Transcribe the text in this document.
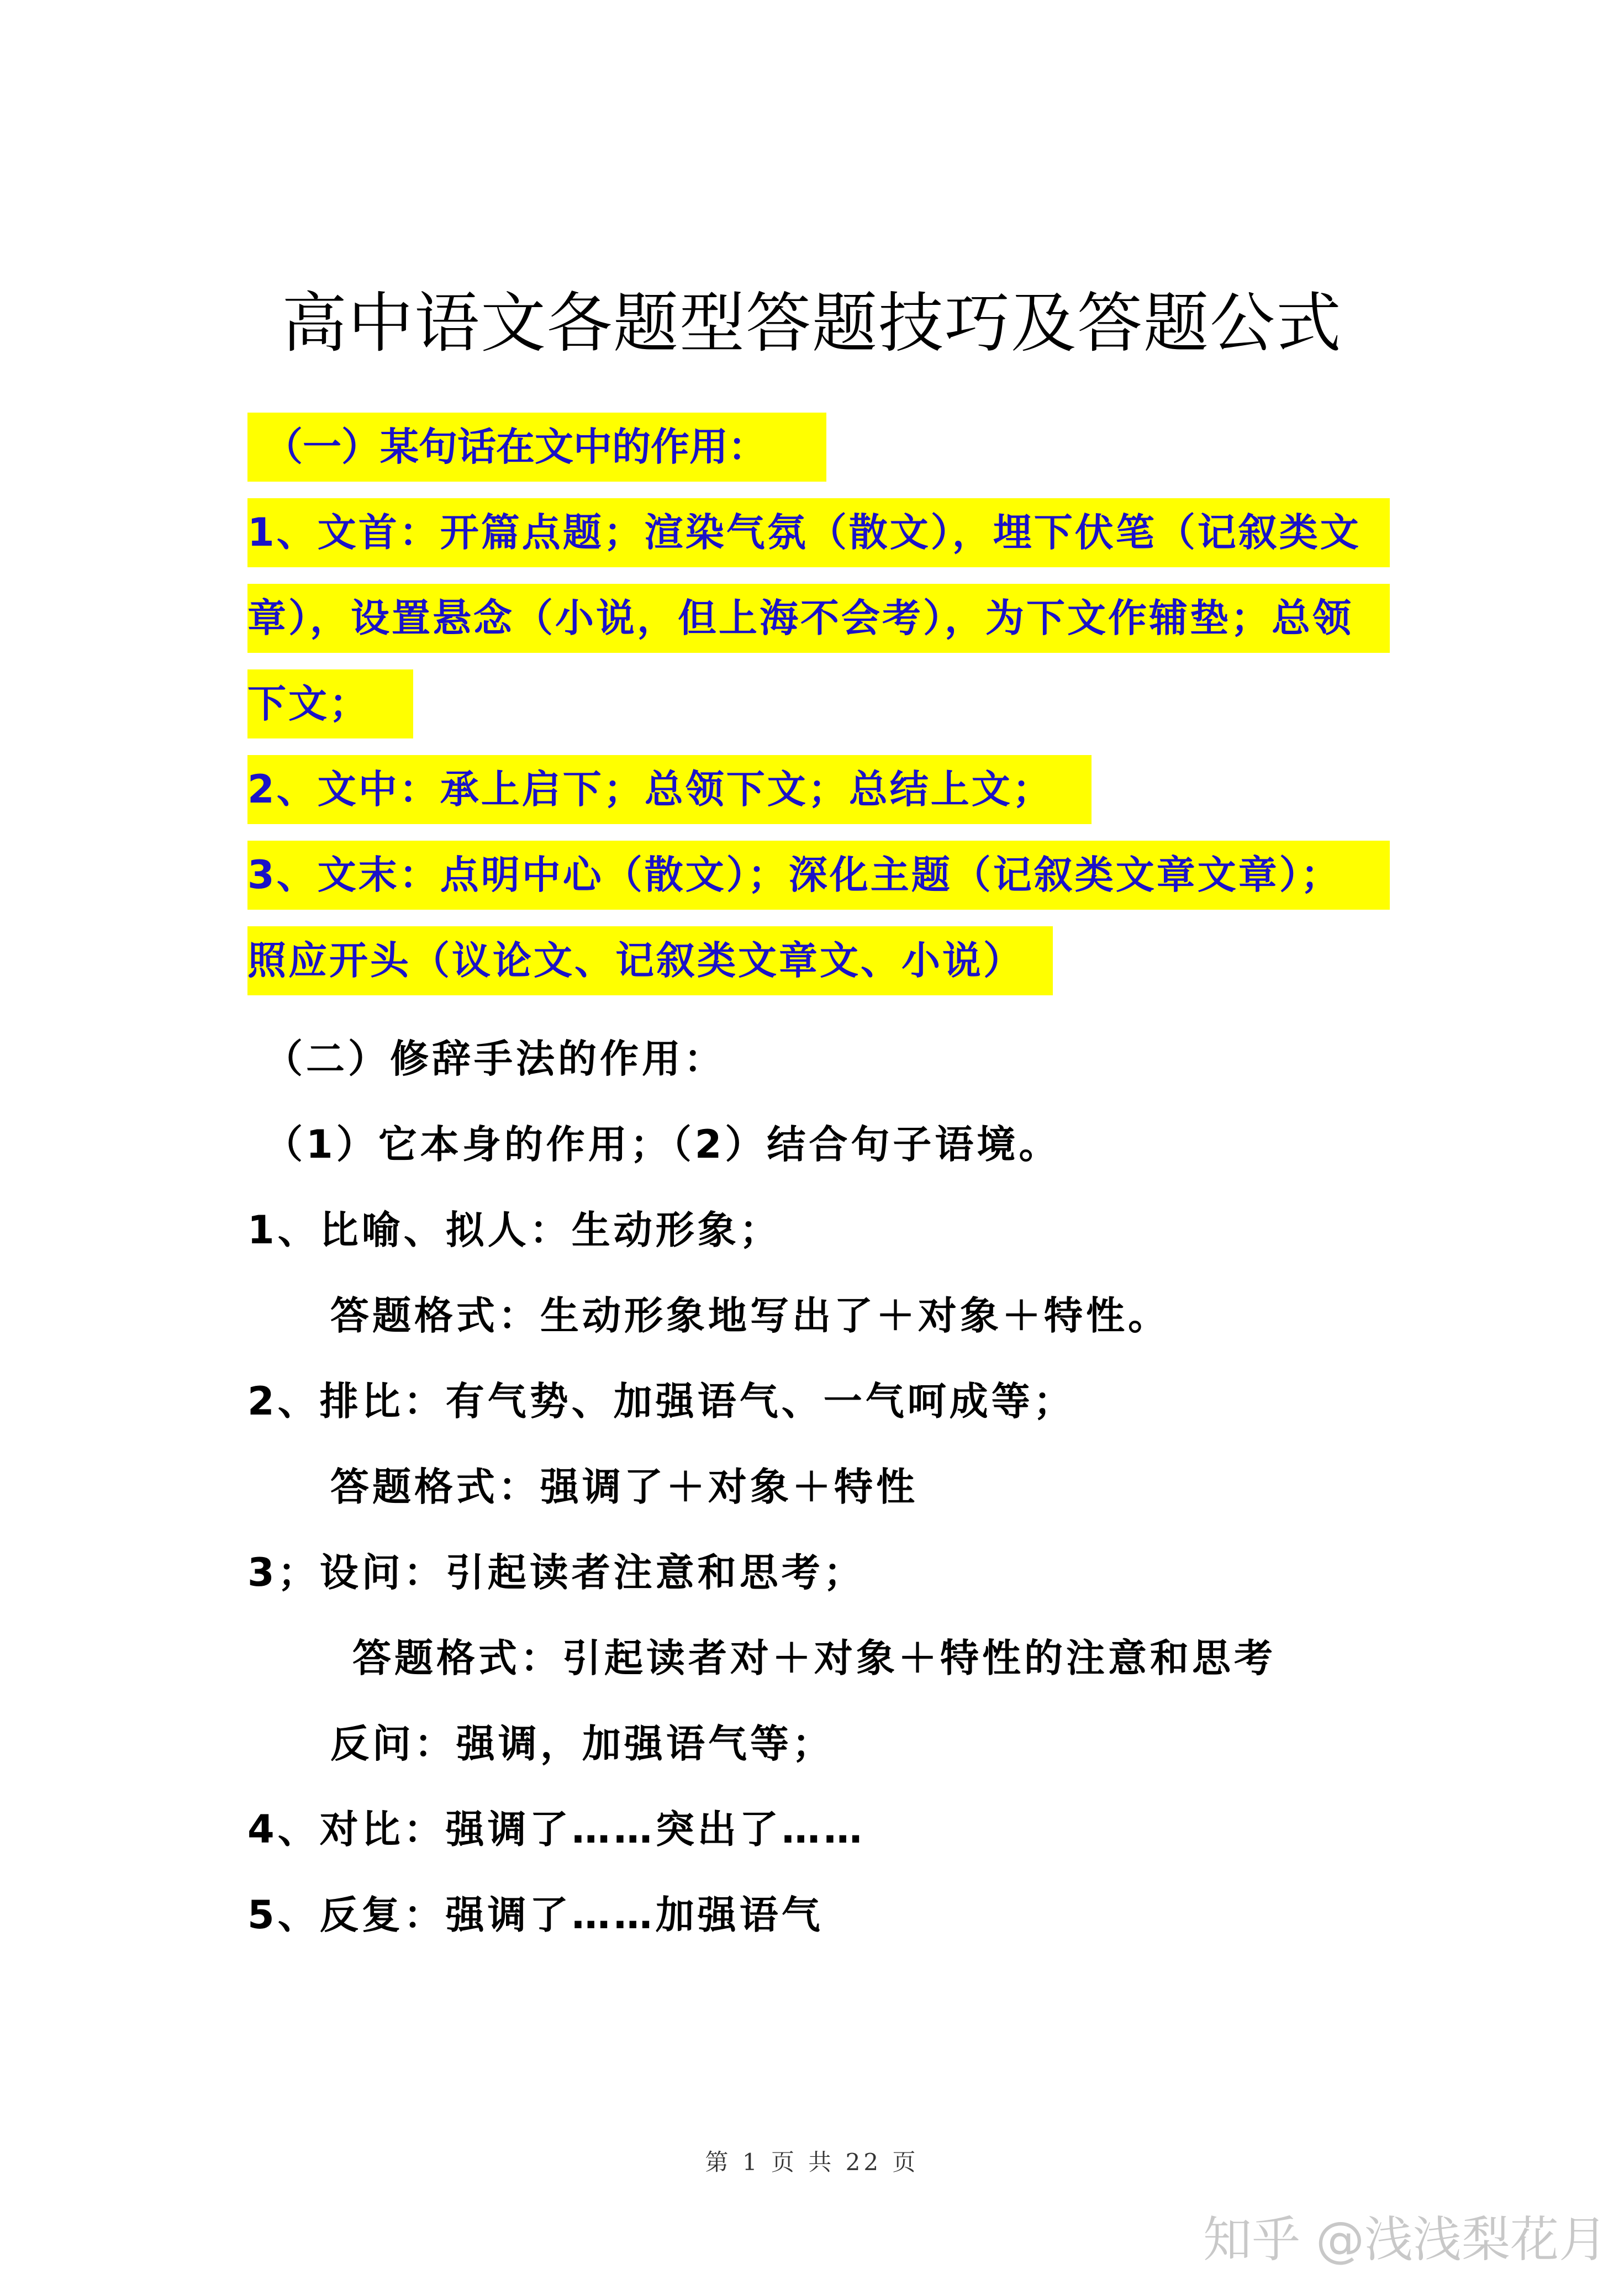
高中语文各题型答题技巧及答题公式
（一）某句话在文中的作用：
1、文首：开篇点题；渲染气氛（散文），埋下伏笔（记叙类文
章），设置悬念（小说，但上海不会考），为下文作辅垫；总领
下文；
2、文中：承上启下；总领下文；总结上文；
3、文末：点明中心（散文）；深化主题（记叙类文章文章）；
照应开头（议论文、记叙类文章文、小说）
（二）修辞手法的作用：
（1）它本身的作用；（2）结合句子语境。
1、比喻、拟人：生动形象；
答题格式：生动形象地写出了＋对象＋特性。
2、排比：有气势、加强语气、一气呵成等；
答题格式：强调了＋对象＋特性
3；设问：引起读者注意和思考；
答题格式：引起读者对＋对象＋特性的注意和思考
反问：强调，加强语气等；
4、对比：强调了……突出了……
5、反复：强调了……加强语气
第 1 页 共 22 页
知乎 @浅浅梨花月
